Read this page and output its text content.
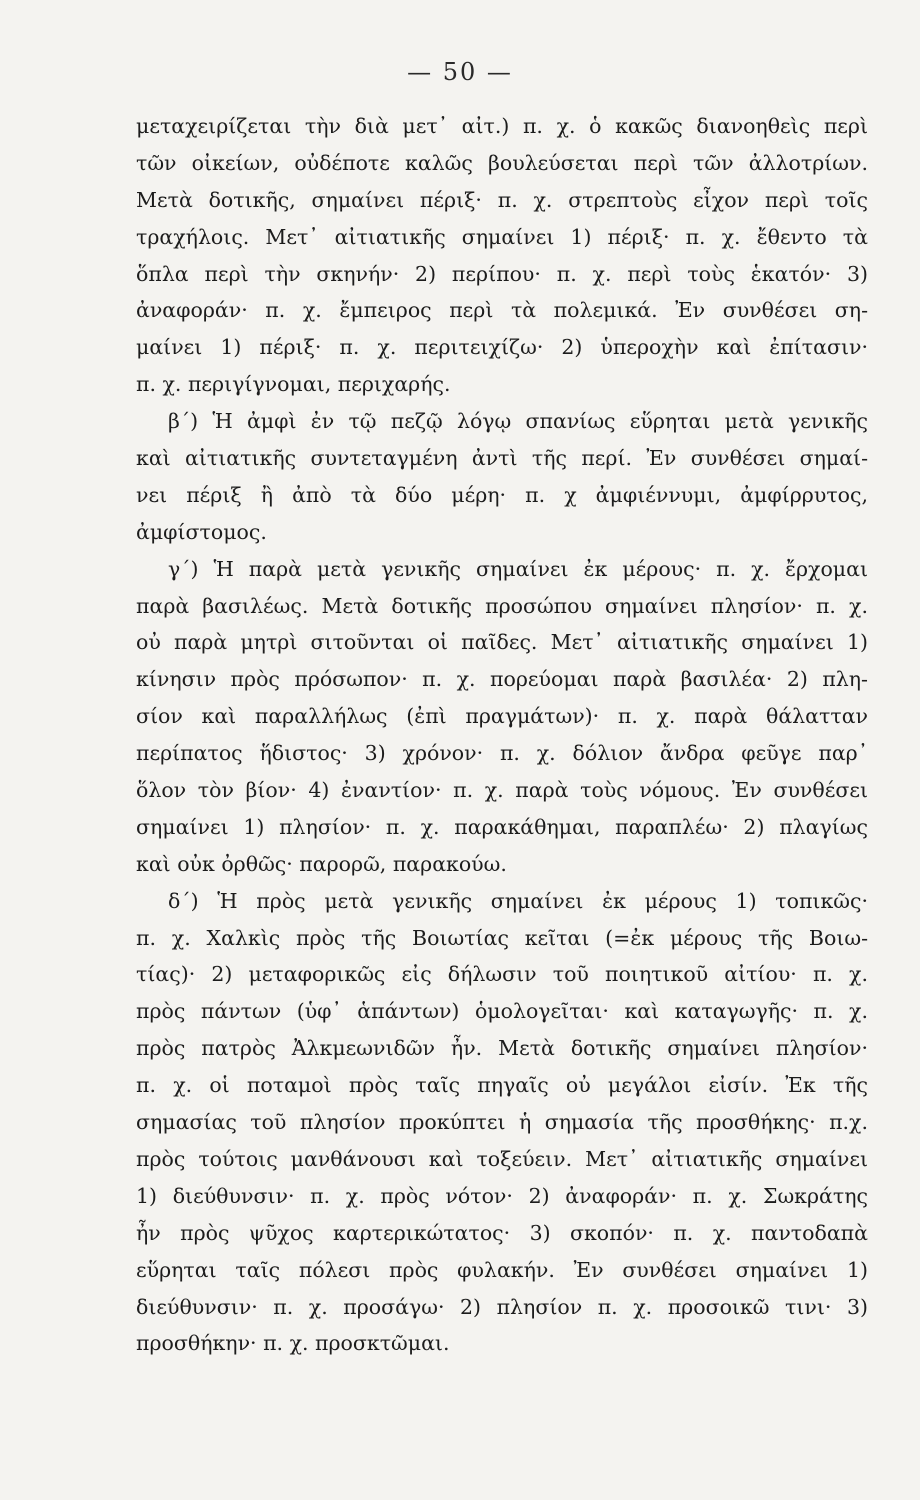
— 50 —
μεταχειρίζεται τὴν διὰ μετ᾽ αἰτ.) π. χ. ὁ κακῶς διανοηθεὶς περὶ
τῶν οἰκείων, οὐδέποτε καλῶς βουλεύσεται περὶ τῶν ἀλλοτρίων.
Μετὰ δοτικῆς, σημαίνει πέριξ· π. χ. στρεπτοὺς εἶχον περὶ τοῖς
τραχήλοις. Μετ᾽ αἰτιατικῆς σημαίνει 1) πέριξ· π. χ. ἔθεντο τὰ
ὅπλα περὶ τὴν σκηνήν· 2) περίπου· π. χ. περὶ τοὺς ἑκατόν· 3)
ἀναφοράν· π. χ. ἔμπειρος περὶ τὰ πολεμικά. Ἐν συνθέσει ση-
μαίνει 1) πέριξ· π. χ. περιτειχίζω· 2) ὑπεροχὴν καὶ ἐπίτασιν·
π. χ. περιγίγνομαι, περιχαρής.
β´) Ἡ ἀμφὶ ἐν τῷ πεζῷ λόγῳ σπανίως εὕρηται μετὰ γενικῆς
καὶ αἰτιατικῆς συντεταγμένη ἀντὶ τῆς περί. Ἐν συνθέσει σημαί-
νει πέριξ ἢ ἀπὸ τὰ δύο μέρη· π. χ ἀμφιέννυμι, ἀμφίρρυτος,
ἀμφίστομος.
γ´) Ἡ παρὰ μετὰ γενικῆς σημαίνει ἐκ μέρους· π. χ. ἔρχομαι
παρὰ βασιλέως. Μετὰ δοτικῆς προσώπου σημαίνει πλησίον· π. χ.
οὐ παρὰ μητρὶ σιτοῦνται οἱ παῖδες. Μετ᾽ αἰτιατικῆς σημαίνει 1)
κίνησιν πρὸς πρόσωπον· π. χ. πορεύομαι παρὰ βασιλέα· 2) πλη-
σίον καὶ παραλλήλως (ἐπὶ πραγμάτων)· π. χ. παρὰ θάλατταν
περίπατος ἥδιστος· 3) χρόνον· π. χ. δόλιον ἄνδρα φεῦγε παρ᾽
ὅλον τὸν βίον· 4) ἐναντίον· π. χ. παρὰ τοὺς νόμους. Ἐν συνθέσει
σημαίνει 1) πλησίον· π. χ. παρακάθημαι, παραπλέω· 2) πλαγίως
καὶ οὐκ ὀρθῶς· παρορῶ, παρακούω.
δ´) Ἡ πρὸς μετὰ γενικῆς σημαίνει ἐκ μέρους 1) τοπικῶς·
π. χ. Χαλκὶς πρὸς τῆς Βοιωτίας κεῖται (=ἐκ μέρους τῆς Βοιω-
τίας)· 2) μεταφορικῶς εἰς δήλωσιν τοῦ ποιητικοῦ αἰτίου· π. χ.
πρὸς πάντων (ὑφ᾽ ἁπάντων) ὁμολογεῖται· καὶ καταγωγῆς· π. χ.
πρὸς πατρὸς Ἀλκμεωνιδῶν ἦν. Μετὰ δοτικῆς σημαίνει πλησίον·
π. χ. οἱ ποταμοὶ πρὸς ταῖς πηγαῖς οὐ μεγάλοι εἰσίν. Ἐκ τῆς
σημασίας τοῦ πλησίον προκύπτει ἡ σημασία τῆς προσθήκης· π.χ.
πρὸς τούτοις μανθάνουσι καὶ τοξεύειν. Μετ᾽ αἰτιατικῆς σημαίνει
1) διεύθυνσιν· π. χ. πρὸς νότον· 2) ἀναφοράν· π. χ. Σωκράτης
ἦν πρὸς ψῦχος καρτερικώτατος· 3) σκοπόν· π. χ. παντοδαπὰ
εὕρηται ταῖς πόλεσι πρὸς φυλακήν. Ἐν συνθέσει σημαίνει 1)
διεύθυνσιν· π. χ. προσάγω· 2) πλησίον π. χ. προσοικῶ τινι· 3)
προσθήκην· π. χ. προσκτῶμαι.
